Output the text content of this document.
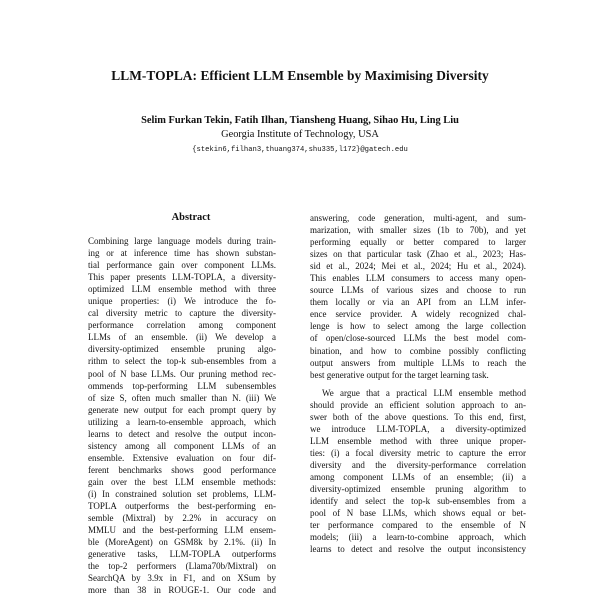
LLM-TOPLA: Efficient LLM Ensemble by Maximising Diversity
Selim Furkan Tekin, Fatih Ilhan, Tiansheng Huang, Sihao Hu, Ling Liu
Georgia Institute of Technology, USA
{stekin6,filhan3,thuang374,shu335,l172}@gatech.edu
Abstract
Combining large language models during train-
ing or at inference time has shown substan-
tial performance gain over component LLMs.
This paper presents LLM-TOPLA, a diversity-
optimized LLM ensemble method with three
unique properties: (i) We introduce the fo-
cal diversity metric to capture the diversity-
performance correlation among component
LLMs of an ensemble. (ii) We develop a
diversity-optimized ensemble pruning algo-
rithm to select the top-k sub-ensembles from a
pool of N base LLMs. Our pruning method rec-
ommends top-performing LLM subensembles
of size S, often much smaller than N. (iii) We
generate new output for each prompt query by
utilizing a learn-to-ensemble approach, which
learns to detect and resolve the output incon-
sistency among all component LLMs of an
ensemble. Extensive evaluation on four dif-
ferent benchmarks shows good performance
gain over the best LLM ensemble methods:
(i) In constrained solution set problems, LLM-
TOPLA outperforms the best-performing en-
semble (Mixtral) by 2.2% in accuracy on
MMLU and the best-performing LLM ensem-
ble (MoreAgent) on GSM8k by 2.1%. (ii) In
generative tasks, LLM-TOPLA outperforms
the top-2 performers (Llama70b/Mixtral) on
SearchQA by 3.9x in F1, and on XSum by
more than 38 in ROUGE-1. Our code and
answering, code generation, multi-agent, and sum-
marization, with smaller sizes (1b to 70b), and yet
performing equally or better compared to larger
sizes on that particular task (Zhao et al., 2023; Has-
sid et al., 2024; Mei et al., 2024; Hu et al., 2024).
This enables LLM consumers to access many open-
source LLMs of various sizes and choose to run
them locally or via an API from an LLM infer-
ence service provider. A widely recognized chal-
lenge is how to select among the large collection
of open/close-sourced LLMs the best model com-
bination, and how to combine possibly conflicting
output answers from multiple LLMs to reach the
best generative output for the target learning task.
We argue that a practical LLM ensemble method
should provide an efficient solution approach to an-
swer both of the above questions. To this end, first,
we introduce LLM-TOPLA, a diversity-optimized
LLM ensemble method with three unique proper-
ties: (i) a focal diversity metric to capture the error
diversity and the diversity-performance correlation
among component LLMs of an ensemble; (ii) a
diversity-optimized ensemble pruning algorithm to
identify and select the top-k sub-ensembles from a
pool of N base LLMs, which shows equal or bet-
ter performance compared to the ensemble of N
models; (iii) a learn-to-combine approach, which
learns to detect and resolve the output inconsistency
